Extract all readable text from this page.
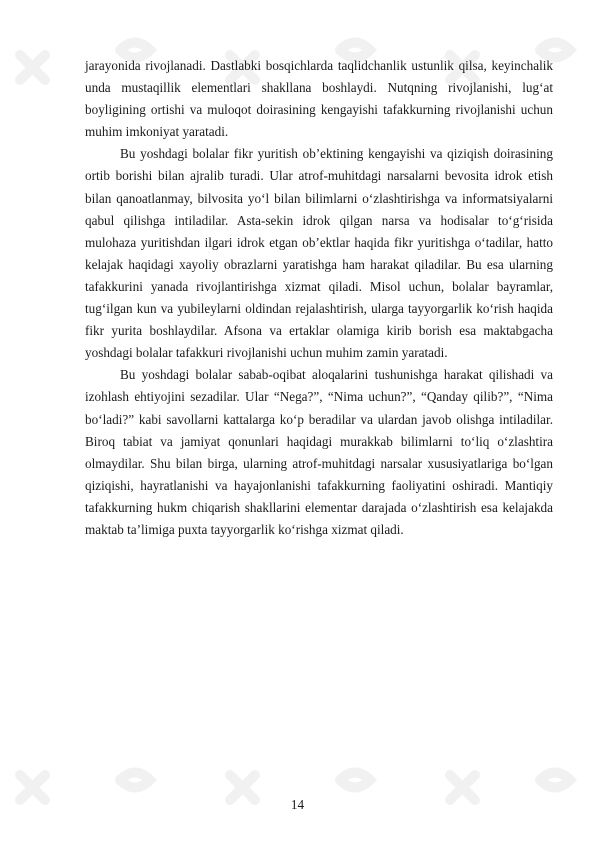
jarayonida rivojlanadi. Dastlabki bosqichlarda taqlidchanlik ustunlik qilsa, keyinchalik unda mustaqillik elementlari shakllana boshlaydi. Nutqning rivojlanishi, lug‘at boyligining ortishi va muloqot doirasining kengayishi tafakkurning rivojlanishi uchun muhim imkoniyat yaratadi.

Bu yoshdagi bolalar fikr yuritish ob’ektining kengayishi va qiziqish doirasining ortib borishi bilan ajralib turadi. Ular atrof-muhitdagi narsalarni bevosita idrok etish bilan qanoatlanmay, bilvosita yo‘l bilan bilimlarni o‘zlashtirishga va informatsiyalarni qabul qilishga intiladilar. Asta-sekin idrok qilgan narsa va hodisalar to‘g‘risida mulohaza yuritishdan ilgari idrok etgan ob’ektlar haqida fikr yuritishga o‘tadilar, hatto kelajak haqidagi xayoliy obrazlarni yaratishga ham harakat qiladilar. Bu esa ularning tafakkurini yanada rivojlantirishga xizmat qiladi. Misol uchun, bolalar bayramlar, tug‘ilgan kun va yubileylarni oldindan rejalashtirish, ularga tayyorgarlik ko‘rish haqida fikr yurita boshlaydilar. Afsona va ertaklar olamiga kirib borish esa maktabgacha yoshdagi bolalar tafakkuri rivojlanishi uchun muhim zamin yaratadi.

Bu yoshdagi bolalar sabab-oqibat aloqalarini tushunishga harakat qilishadi va izohlash ehtiyojini sezadilar. Ular “Nega?”, “Nima uchun?”, “Qanday qilib?”, “Nima bo‘ladi?” kabi savollarni kattalarga ko‘p beradilar va ulardan javob olishga intiladilar. Biroq tabiat va jamiyat qonunlari haqidagi murakkab bilimlarni to‘liq o‘zlashtira olmaydilar. Shu bilan birga, ularning atrof-muhitdagi narsalar xususiyatlariga bo‘lgan qiziqishi, hayratlanishi va hayajonlanishi tafakkurning faoliyatini oshiradi. Mantiqiy tafakkurning hukm chiqarish shakllarini elementar darajada o‘zlashtirish esa kelajakda maktab ta’limiga puxta tayyorgarlik ko‘rishga xizmat qiladi.

14
